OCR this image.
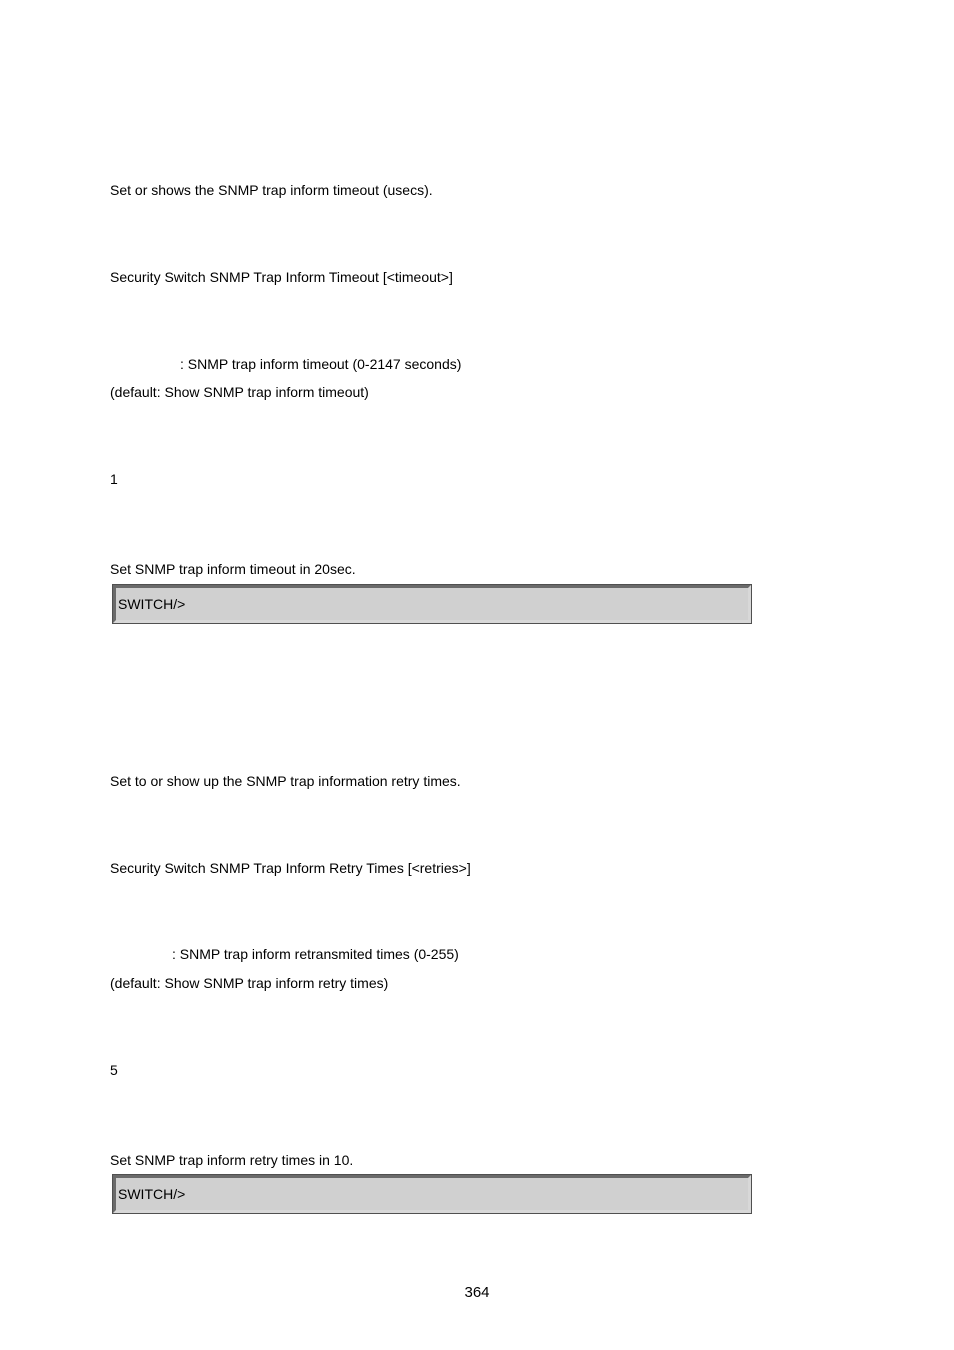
Set or shows the SNMP trap inform timeout (usecs).
Security Switch SNMP Trap Inform Timeout [<timeout>]
: SNMP trap inform timeout (0-2147 seconds)
(default: Show SNMP trap inform timeout)
1
Set SNMP trap inform timeout in 20sec.
SWITCH/>
Set to or show up the SNMP trap information retry times.
Security Switch SNMP Trap Inform Retry Times [<retries>]
: SNMP trap inform retransmited times (0-255)
(default: Show SNMP trap inform retry times)
5
Set SNMP trap inform retry times in 10.
SWITCH/>
364
